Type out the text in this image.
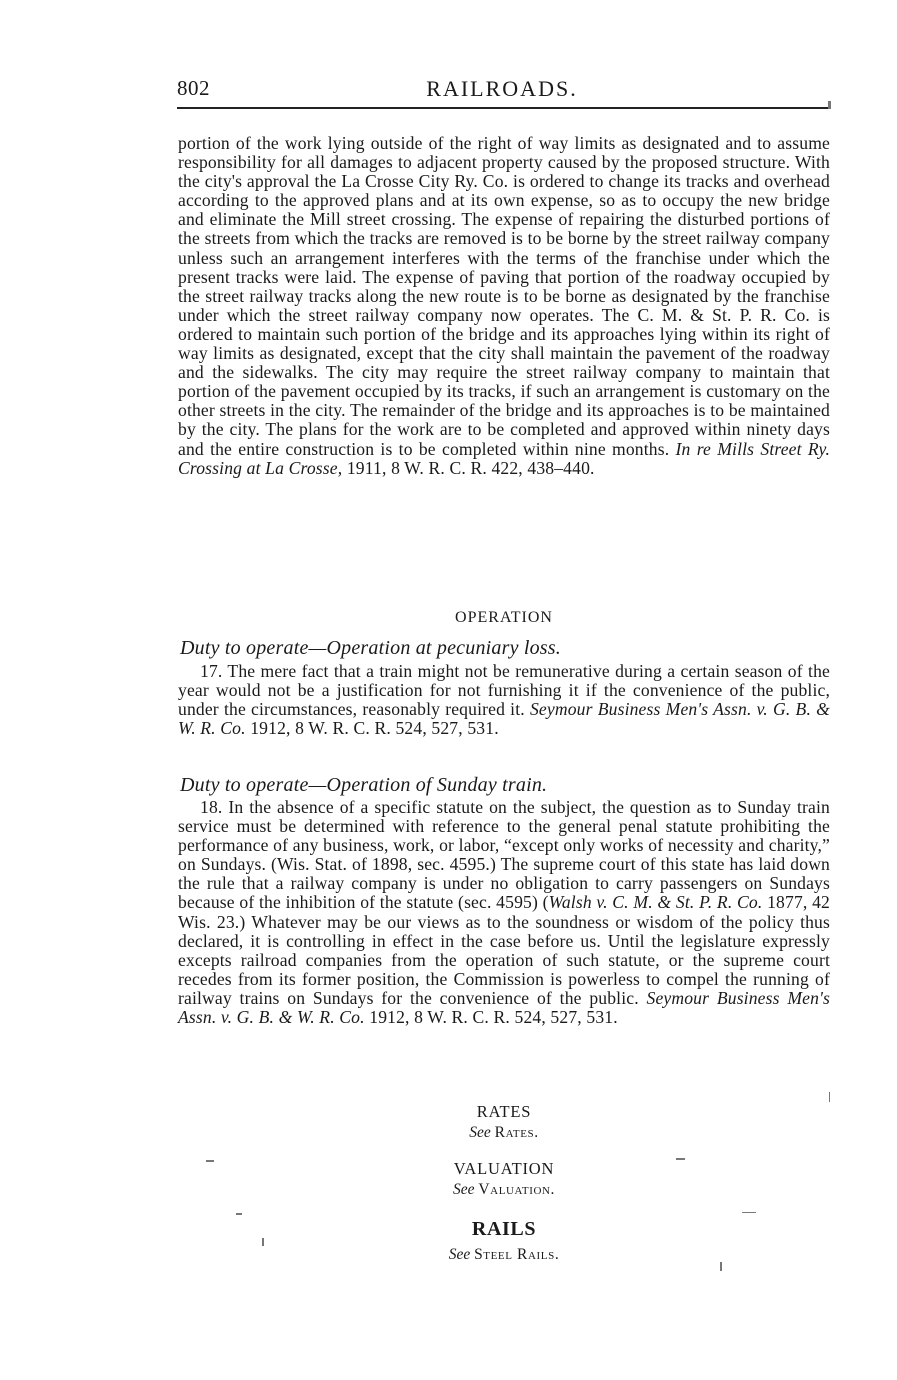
802	RAILROADS.
portion of the work lying outside of the right of way limits as designated and to assume responsibility for all damages to adjacent property caused by the proposed structure. With the city's approval the La Crosse City Ry. Co. is ordered to change its tracks and overhead according to the approved plans and at its own expense, so as to occupy the new bridge and eliminate the Mill street crossing. The expense of repairing the disturbed portions of the streets from which the tracks are removed is to be borne by the street railway company unless such an arrangement interferes with the terms of the franchise under which the present tracks were laid. The expense of paving that portion of the roadway occupied by the street railway tracks along the new route is to be borne as designated by the franchise under which the street railway company now operates. The C. M. & St. P. R. Co. is ordered to maintain such portion of the bridge and its approaches lying within its right of way limits as designated, except that the city shall maintain the pavement of the roadway and the sidewalks. The city may require the street railway company to maintain that portion of the pavement occupied by its tracks, if such an arrangement is customary on the other streets in the city. The remainder of the bridge and its approaches is to be maintained by the city. The plans for the work are to be completed and approved within ninety days and the entire construction is to be completed within nine months. In re Mills Street Ry. Crossing at La Crosse, 1911, 8 W. R. C. R. 422, 438–440.
OPERATION
Duty to operate—Operation at pecuniary loss.
17. The mere fact that a train might not be remunerative during a certain season of the year would not be a justification for not furnishing it if the convenience of the public, under the circumstances, reasonably required it. Seymour Business Men's Assn. v. G. B. & W. R. Co. 1912, 8 W. R. C. R. 524, 527, 531.
Duty to operate—Operation of Sunday train.
18. In the absence of a specific statute on the subject, the question as to Sunday train service must be determined with reference to the general penal statute prohibiting the performance of any business, work, or labor, “except only works of necessity and charity,” on Sundays. (Wis. Stat. of 1898, sec. 4595.) The supreme court of this state has laid down the rule that a railway company is under no obligation to carry passengers on Sundays because of the inhibition of the statute (sec. 4595) (Walsh v. C. M. & St. P. R. Co. 1877, 42 Wis. 23.) Whatever may be our views as to the soundness or wisdom of the policy thus declared, it is controlling in effect in the case before us. Until the legislature expressly excepts railroad companies from the operation of such statute, or the supreme court recedes from its former position, the Commission is powerless to compel the running of railway trains on Sundays for the convenience of the public. Seymour Business Men's Assn. v. G. B. & W. R. Co. 1912, 8 W. R. C. R. 524, 527, 531.
RATES
See Rates.
VALUATION
See Valuation.
RAILS
See Steel Rails.
